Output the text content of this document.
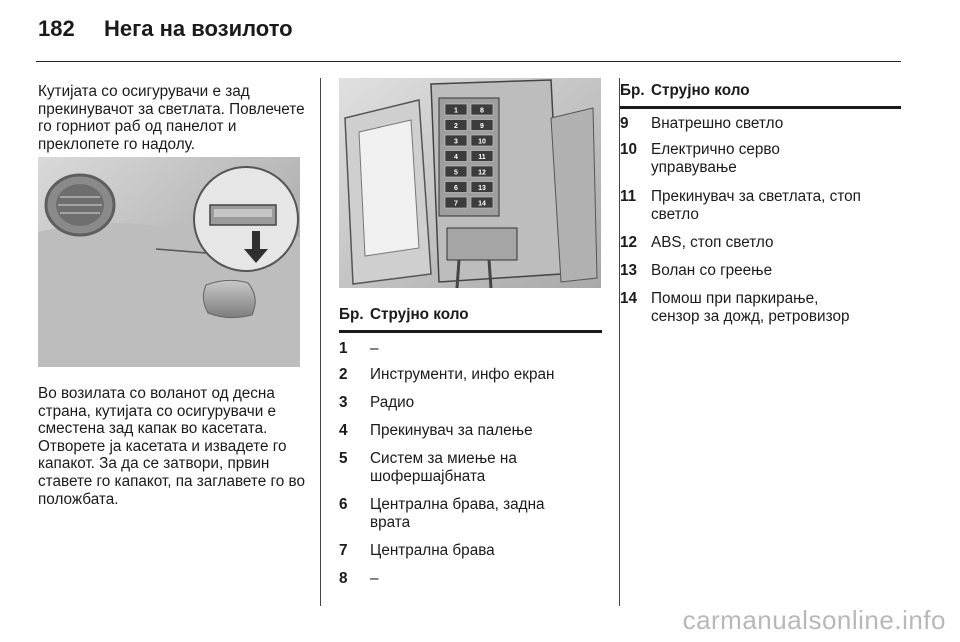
182 Нега на возилото

Кутијата со осигурувачи е зад прекинувачот за светлата. Повлечете го горниот раб од панелот и преклопете го надолу.

Во возилата со воланот од десна страна, кутијата со осигурувачи е сместена зад капак во касетата. Отворете ја касетата и извадете го капакот. За да се затвори, првин ставете го капакот, па заглавете го во положбата.

1	8
2	9
3	10
4	11
5	12
6	13
7	14
Бр. Струјно коло
1 –
2 Инструменти, инфо екран
3 Радио
4 Прекинувач за палење
5 Систем за миење на
шофершајбната
6 Централна брава, задна
врата
7 Централна брава
8 –
Бр. Струјно коло
9 Внатрешно светло
10 Електрично серво
управување
11 Прекинувач за светлата, стоп
светло
12 ABS, стоп светло
13 Волан со греење
14 Помош при паркирање,
сензор за дожд, ретровизор
carmanualsonline.info
